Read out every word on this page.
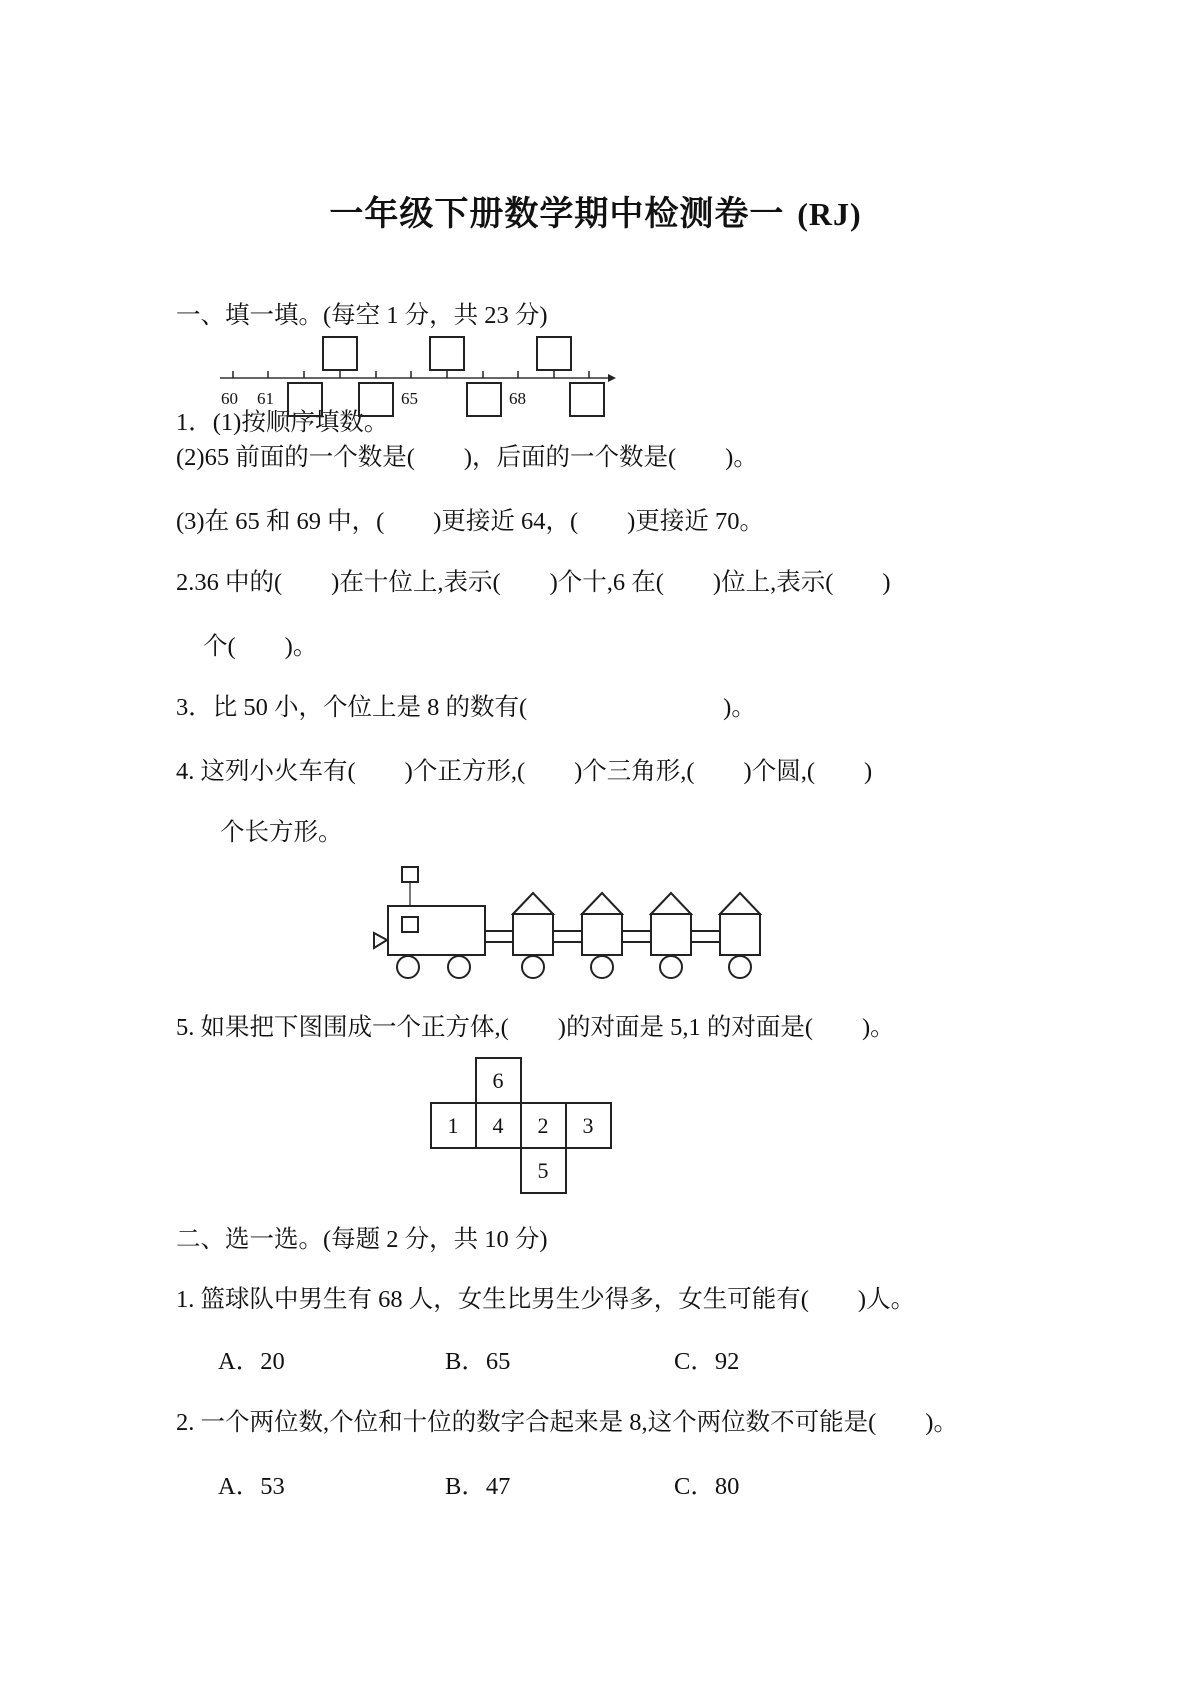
一年级下册数学期中检测卷一 (RJ)
一、填一填。(每空 1 分，共 23 分)
1．(1)按顺序填数。
60 61	65	68
(2)65 前面的一个数是(　　)，后面的一个数是(　　)。
(3)在 65 和 69 中，(　　)更接近 64，(　　)更接近 70。
2.36 中的(　　)在十位上,表示(　　)个十,6 在(　　)位上,表示(　　)
个(　　)。
3．比 50 小，个位上是 8 的数有(　　　　　　　　)。
4. 这列小火车有(　　)个正方形,(　　)个三角形,(　　)个圆,(　　)
个长方形。
5. 如果把下图围成一个正方体,(　　)的对面是 5,1 的对面是(　　)。
6
1 4 2 3
5
二、选一选。(每题 2 分，共 10 分)
1. 篮球队中男生有 68 人，女生比男生少得多，女生可能有(　　)人。
A．20	B．65	C．92
2. 一个两位数,个位和十位的数字合起来是 8,这个两位数不可能是(　　)。
A．53	B．47	C．80
